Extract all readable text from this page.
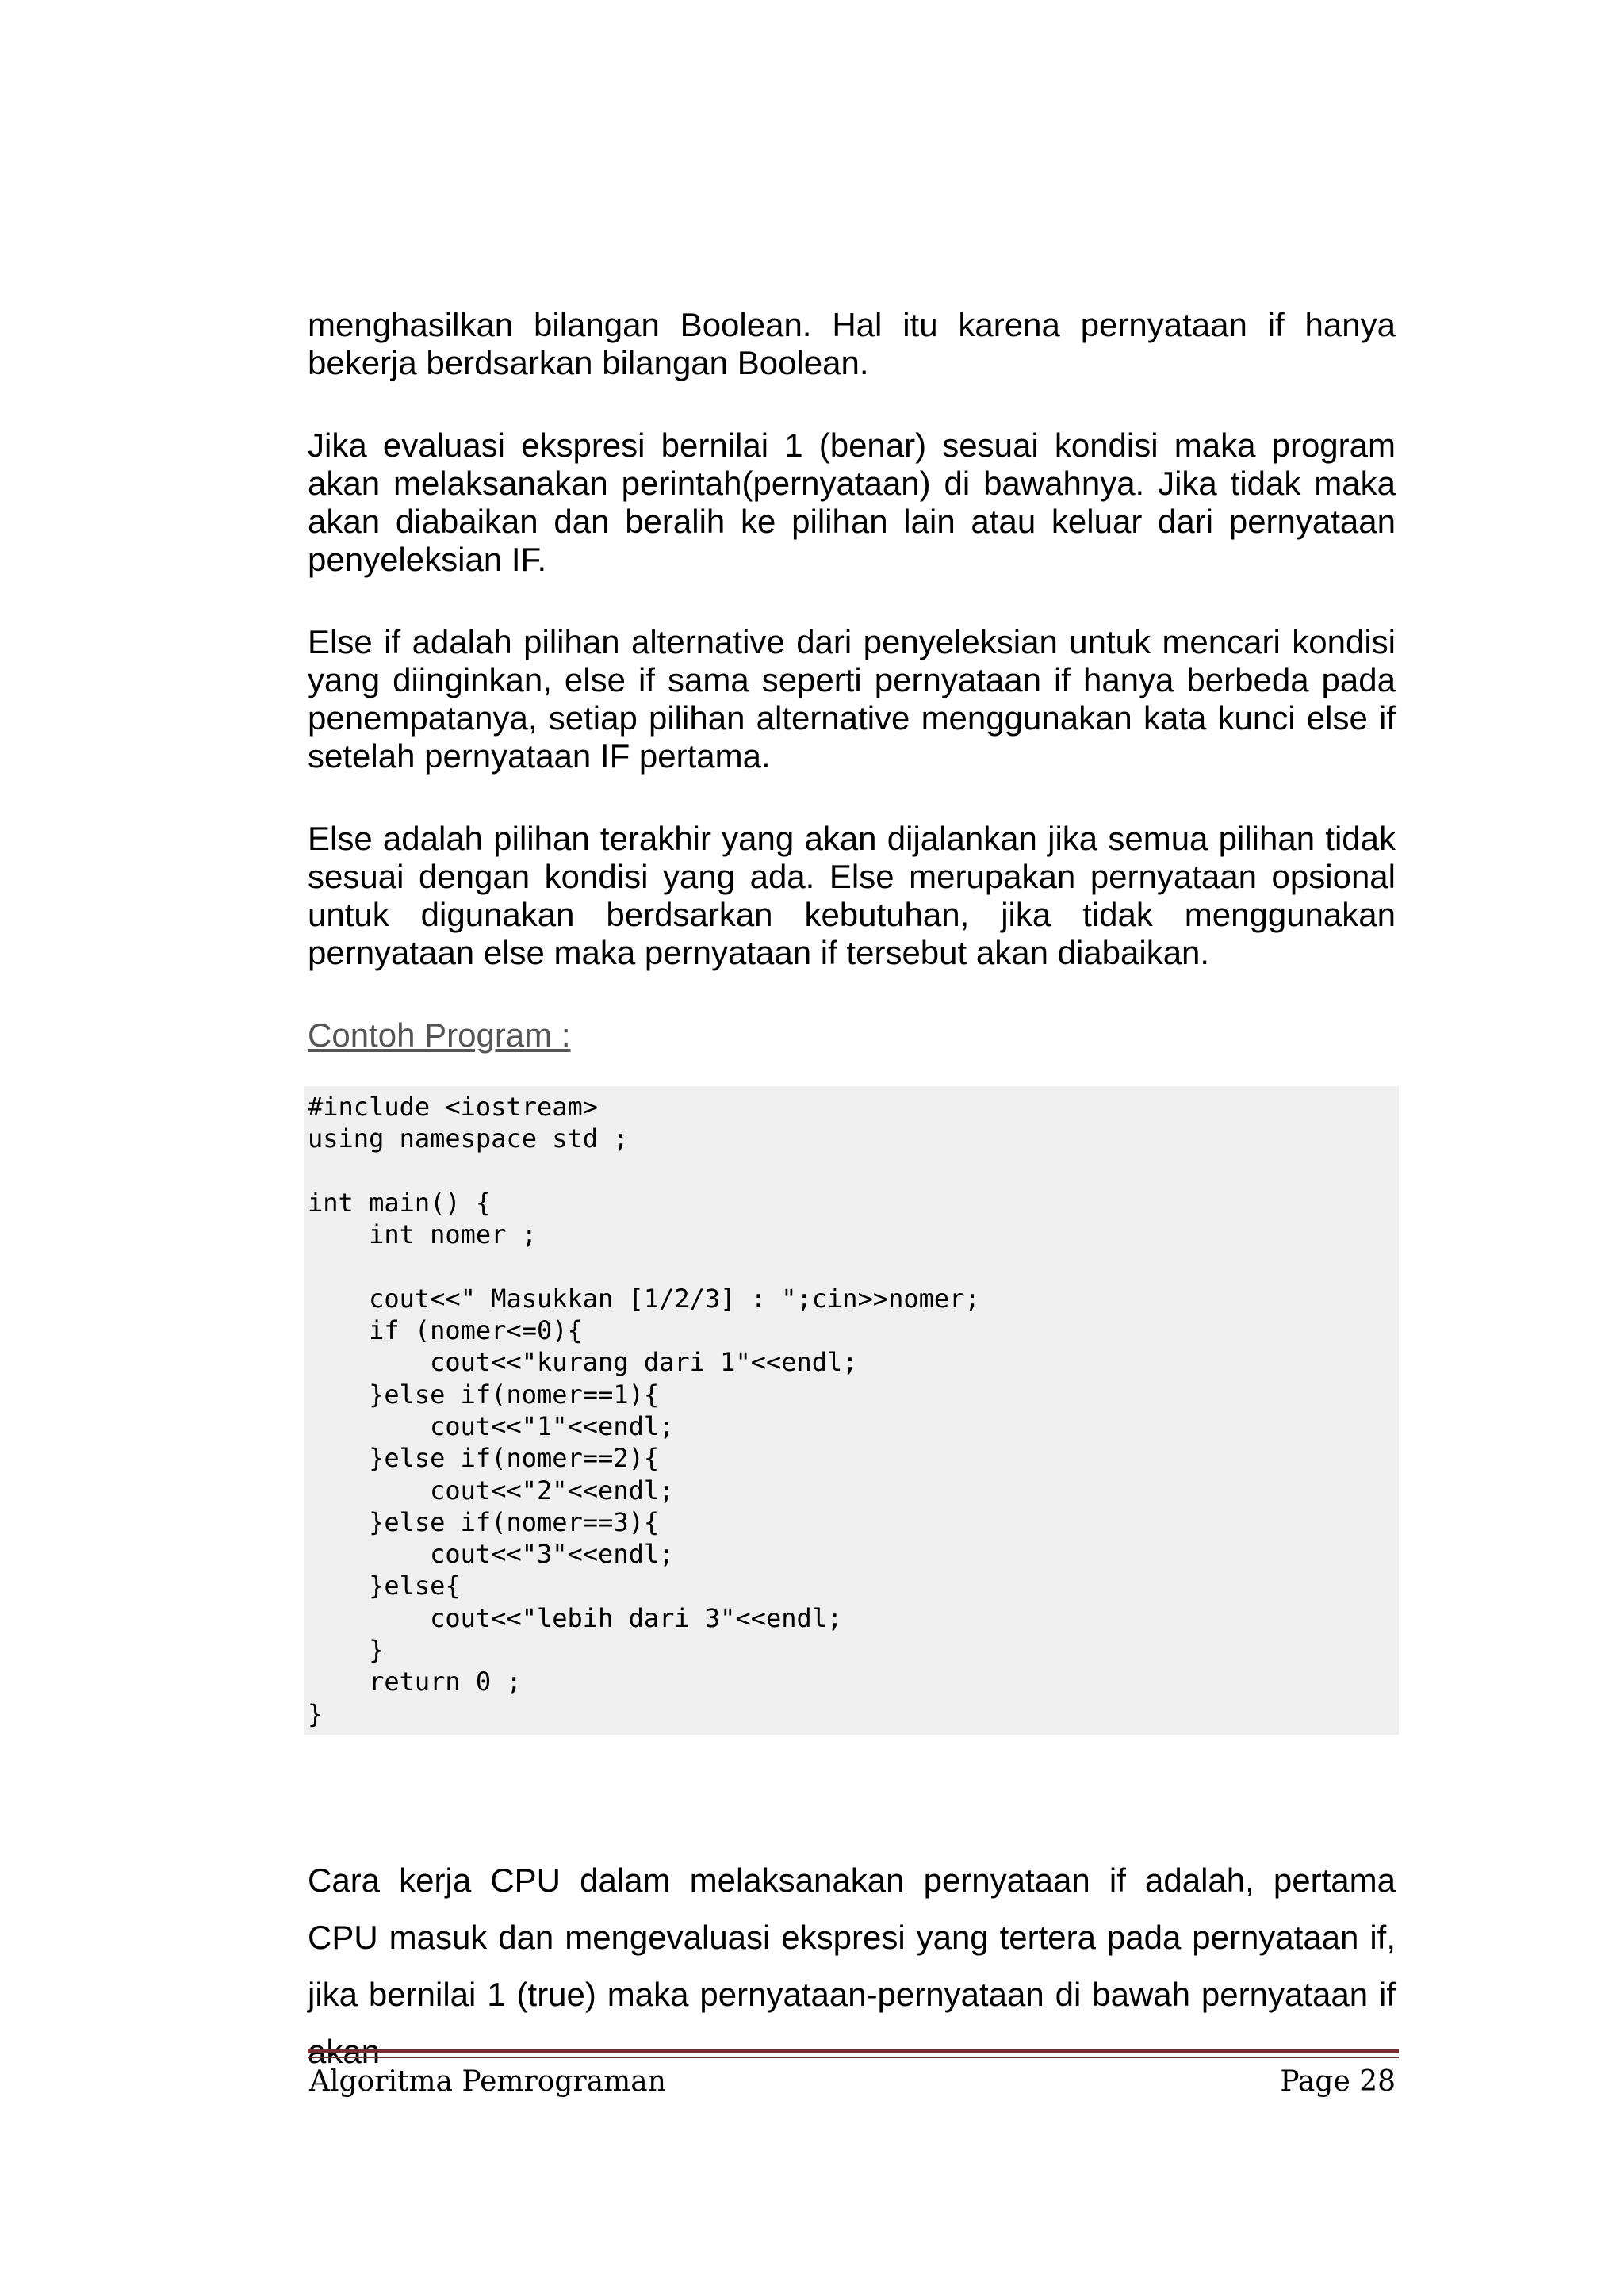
menghasilkan bilangan Boolean. Hal itu karena pernyataan if hanya bekerja berdsarkan bilangan Boolean.

Jika evaluasi ekspresi bernilai 1 (benar) sesuai kondisi maka program akan melaksanakan perintah(pernyataan) di bawahnya. Jika tidak maka akan diabaikan dan beralih ke pilihan lain atau keluar dari pernyataan penyeleksian IF.

Else if adalah pilihan alternative dari penyeleksian untuk mencari kondisi yang diinginkan, else if sama seperti pernyataan if hanya berbeda pada penempatanya, setiap pilihan alternative menggunakan kata kunci else if setelah pernyataan IF pertama.

Else adalah pilihan terakhir yang akan dijalankan jika semua pilihan tidak sesuai dengan kondisi yang ada. Else merupakan pernyataan opsional untuk digunakan berdsarkan kebutuhan, jika tidak menggunakan pernyataan else maka pernyataan if tersebut akan diabaikan.

Contoh Program :

#include <iostream>
using namespace std ;
int main() {
int nomer ;
cout<<" Masukkan [1/2/3] : ";cin>>nomer;
if (nomer<=0){
cout<<"kurang dari 1"<<endl;
}else if(nomer==1){
cout<<"1"<<endl;
}else if(nomer==2){
cout<<"2"<<endl;
}else if(nomer==3){
cout<<"3"<<endl;
}else{
cout<<"lebih dari 3"<<endl;
}
return 0 ;
}

Cara kerja CPU dalam melaksanakan pernyataan if adalah, pertama CPU masuk dan mengevaluasi ekspresi yang tertera pada pernyataan if, jika bernilai 1 (true) maka pernyataan-pernyataan di bawah pernyataan if

Algoritma Pemrograman	Page 28
